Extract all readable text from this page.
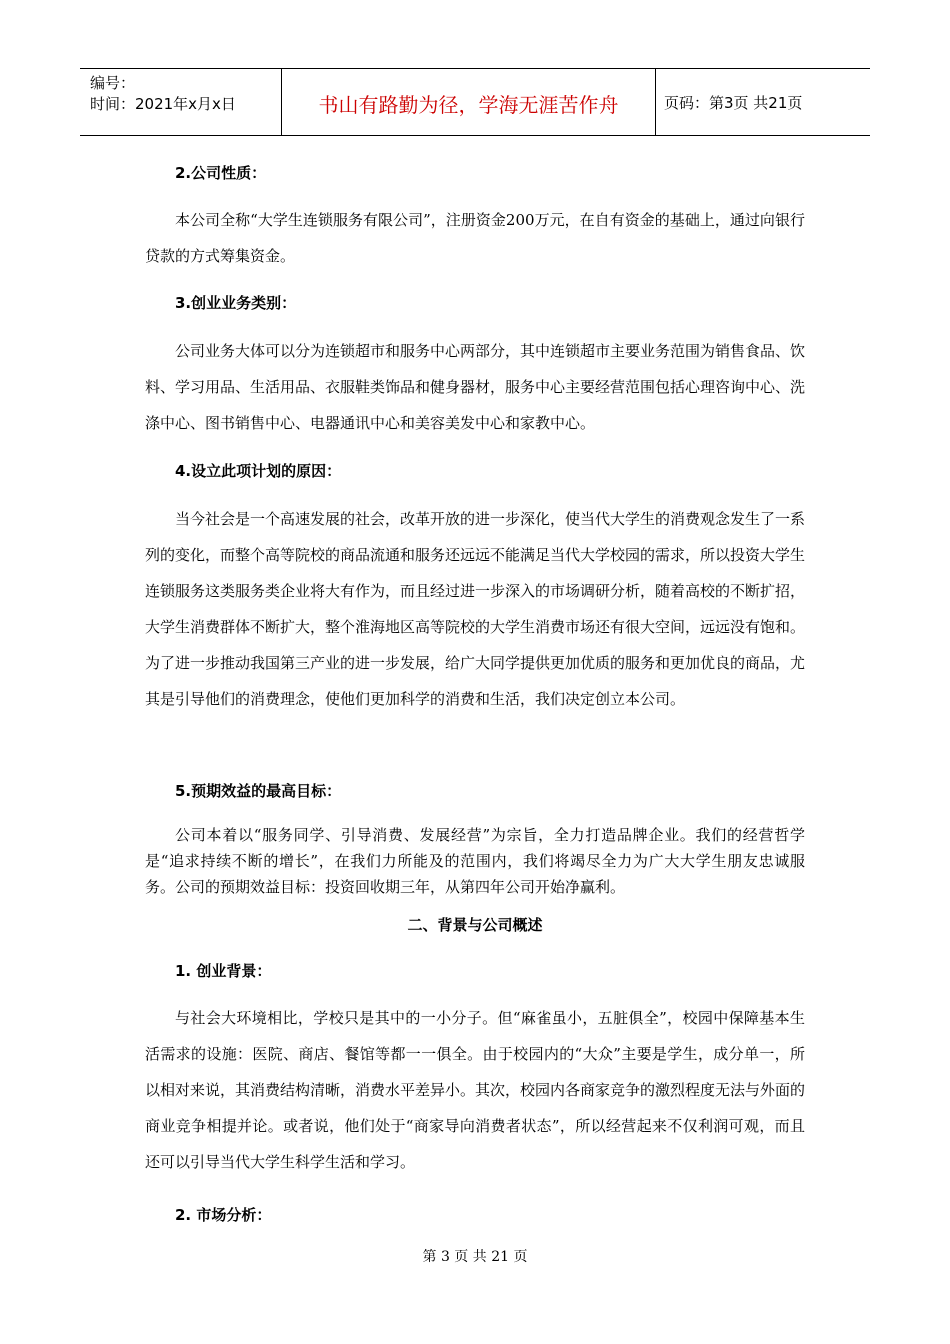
编号：
时间：2021年x月x日	书山有路勤为径，学海无涯苦作舟	页码：第3页 共21页
2.公司性质：
本公司全称“大学生连锁服务有限公司”，注册资金200万元，在自有资金的基础上，通过向银行贷款的方式筹集资金。
3.创业业务类别：
公司业务大体可以分为连锁超市和服务中心两部分，其中连锁超市主要业务范围为销售食品、饮料、学习用品、生活用品、衣服鞋类饰品和健身器材，服务中心主要经营范围包括心理咨询中心、洗涤中心、图书销售中心、电器通讯中心和美容美发中心和家教中心。
4.设立此项计划的原因：
当今社会是一个高速发展的社会，改革开放的进一步深化，使当代大学生的消费观念发生了一系列的变化，而整个高等院校的商品流通和服务还远远不能满足当代大学校园的需求，所以投资大学生连锁服务这类服务类企业将大有作为，而且经过进一步深入的市场调研分析，随着高校的不断扩招，大学生消费群体不断扩大，整个淮海地区高等院校的大学生消费市场还有很大空间，远远没有饱和。为了进一步推动我国第三产业的进一步发展，给广大同学提供更加优质的服务和更加优良的商品，尤其是引导他们的消费理念，使他们更加科学的消费和生活，我们决定创立本公司。
5.预期效益的最高目标：
公司本着以“服务同学、引导消费、发展经营”为宗旨，全力打造品牌企业。我们的经营哲学是“追求持续不断的增长”，在我们力所能及的范围内，我们将竭尽全力为广大大学生朋友忠诚服务。公司的预期效益目标：投资回收期三年，从第四年公司开始净赢利。
二、背景与公司概述
1. 创业背景：
与社会大环境相比，学校只是其中的一小分子。但“麻雀虽小，五脏俱全”，校园中保障基本生活需求的设施：医院、商店、餐馆等都一一俱全。由于校园内的“大众”主要是学生，成分单一，所以相对来说，其消费结构清晰，消费水平差异小。其次，校园内各商家竞争的激烈程度无法与外面的商业竞争相提并论。或者说，他们处于“商家导向消费者状态”，所以经营起来不仅利润可观，而且还可以引导当代大学生科学生活和学习。
2. 市场分析：
第 3 页 共 21 页
